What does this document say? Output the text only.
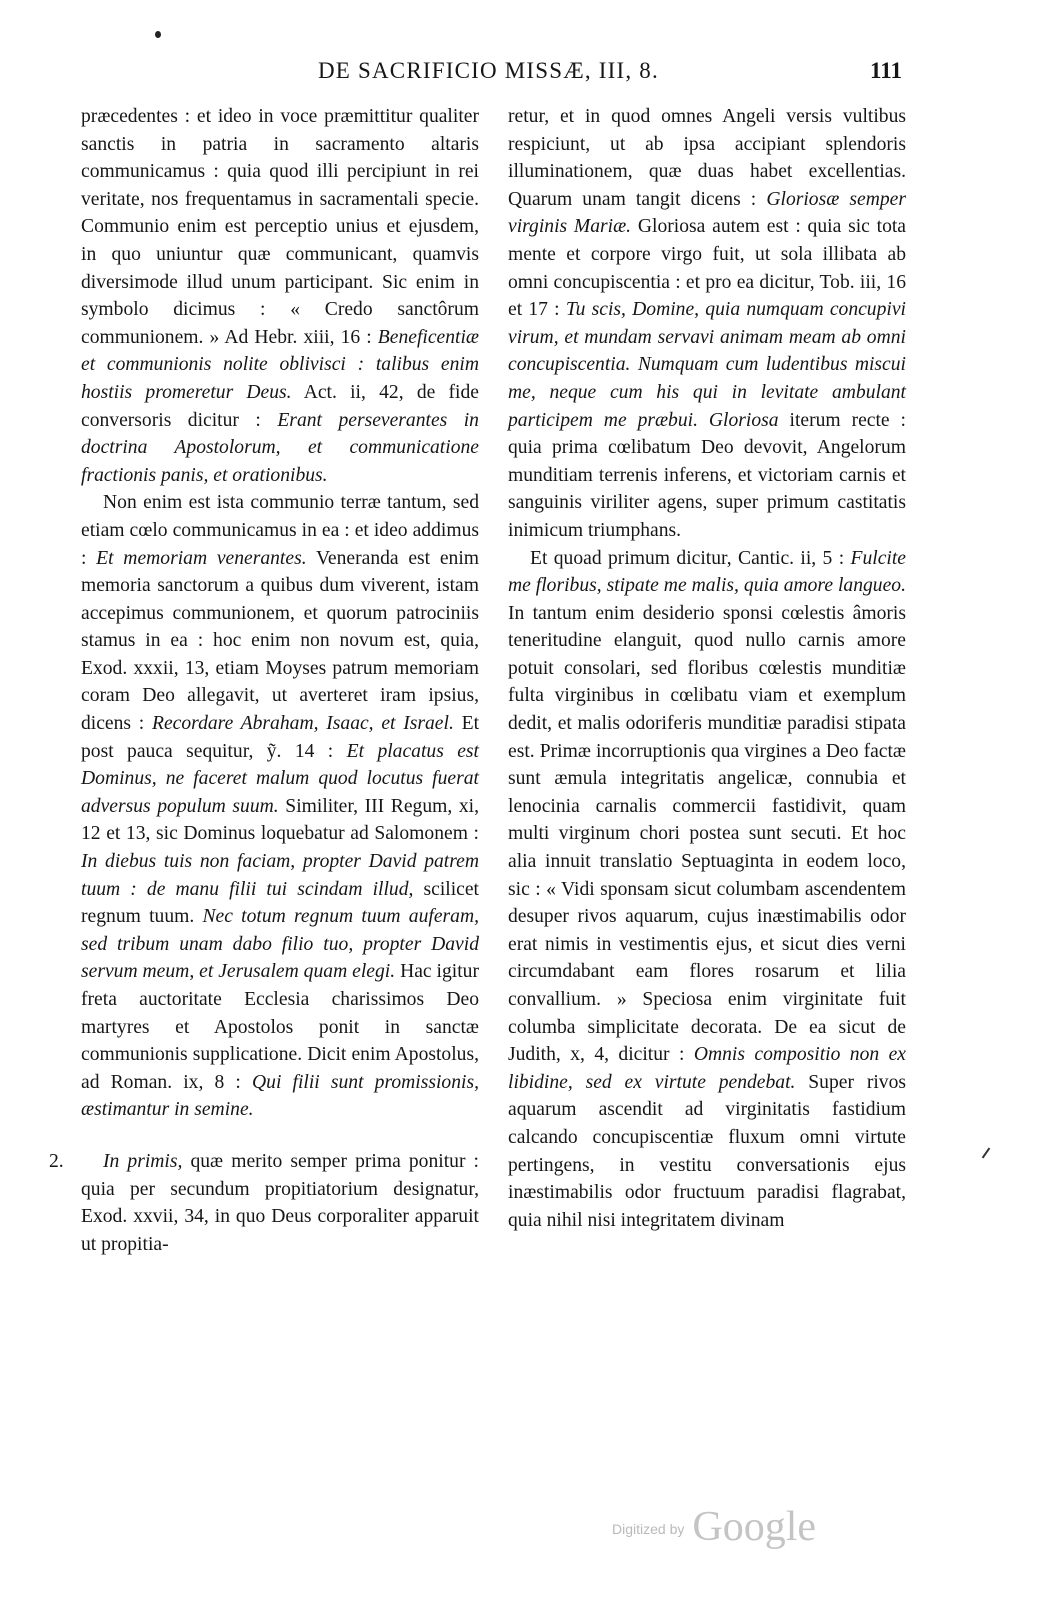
DE SACRIFICIO MISSÆ, III, 8.	111

præcedentes : et ideo in voce præmittitur qualiter sanctis in patria in sacramento altaris communicamus : quia quod illi percipiunt in rei veritate, nos frequentamus in sacramentali specie. Communio enim est perceptio unius et ejusdem, in quo uniuntur quæ communicant, quamvis diversimode illud unum participant. Sic enim in symbolo dicimus : « Credo sanctôrum communionem. » Ad Hebr. xiii, 16 : Beneficentiæ et communionis nolite oblivisci : talibus enim hostiis promeretur Deus. Act. ii, 42, de fide conversoris dicitur : Erant perseverantes in doctrina Apostolorum, et communicatione fractionis panis, et orationibus.

Non enim est ista communio terræ tantum, sed etiam cœlo communicamus in ea : et ideo addimus : Et memoriam venerantes. Veneranda est enim memoria sanctorum a quibus dum viverent, istam accepimus communionem, et quorum patrociniis stamus in ea : hoc enim non novum est, quia, Exod. xxxii, 13, etiam Moyses patrum memoriam coram Deo allegavit, ut averteret iram ipsius, dicens : Recordare Abraham, Isaac, et Israel. Et post pauca sequitur, ỹ. 14 : Et placatus est Dominus, ne faceret malum quod locutus fuerat adversus populum suum. Similiter, III Regum, xi, 12 et 13, sic Dominus loquebatur ad Salomonem : In diebus tuis non faciam, propter David patrem tuum : de manu filii tui scindam illud, scilicet regnum tuum. Nec totum regnum tuum auferam, sed tribum unam dabo filio tuo, propter David servum meum, et Jerusalem quam elegi. Hac igitur freta auctoritate Ecclesia charissimos Deo martyres et Apostolos ponit in sanctæ communionis supplicatione. Dicit enim Apostolus, ad Roman. ix, 8 : Qui filii sunt promissionis, æstimantur in semine.

2. In primis, quæ merito semper prima ponitur : quia per secundum propitiatorium designatur, Exod. xxvii, 34, in quo Deus corporaliter apparuit ut propitia-

retur, et in quod omnes Angeli versis vultibus respiciunt, ut ab ipsa accipiant splendoris illuminationem, quæ duas habet excellentias. Quarum unam tangit dicens : Gloriosæ semper virginis Mariæ. Gloriosa autem est : quia sic tota mente et corpore virgo fuit, ut sola illibata ab omni concupiscentia : et pro ea dicitur, Tob. iii, 16 et 17 : Tu scis, Domine, quia numquam concupivi virum, et mundam servavi animam meam ab omni concupiscentia. Numquam cum ludentibus miscui me, neque cum his qui in levitate ambulant participem me præbui. Gloriosa iterum recte : quia prima cœlibatum Deo devovit, Angelorum munditiam terrenis inferens, et victoriam carnis et sanguinis viriliter agens, super primum castitatis inimicum triumphans.

Et quoad primum dicitur, Cantic. ii, 5 : Fulcite me floribus, stipate me malis, quia amore langueo. In tantum enim desiderio sponsi cœlestis âmoris teneritudine elanguit, quod nullo carnis amore potuit consolari, sed floribus cœlestis munditiæ fulta virginibus in cœlibatu viam et exemplum dedit, et malis odoriferis munditiæ paradisi stipata est. Primæ incorruptionis qua virgines a Deo factæ sunt æmula integritatis angelicæ, connubia et lenocinia carnalis commercii fastidivit, quam multi virginum chori postea sunt secuti. Et hoc alia innuit translatio Septuaginta in eodem loco, sic : « Vidi sponsam sicut columbam ascendentem desuper rivos aquarum, cujus inæstimabilis odor erat nimis in vestimentis ejus, et sicut dies verni circumdabant eam flores rosarum et lilia convallium. » Speciosa enim virginitate fuit columba simplicitate decorata. De ea sicut de Judith, x, 4, dicitur : Omnis compositio non ex libidine, sed ex virtute pendebat. Super rivos aquarum ascendit ad virginitatis fastidium calcando concupiscentiæ fluxum omni virtute pertingens, in vestitu conversationis ejus inæstimabilis odor fructuum paradisi flagrabat, quia nihil nisi integritatem divinam

Digitized by Google
